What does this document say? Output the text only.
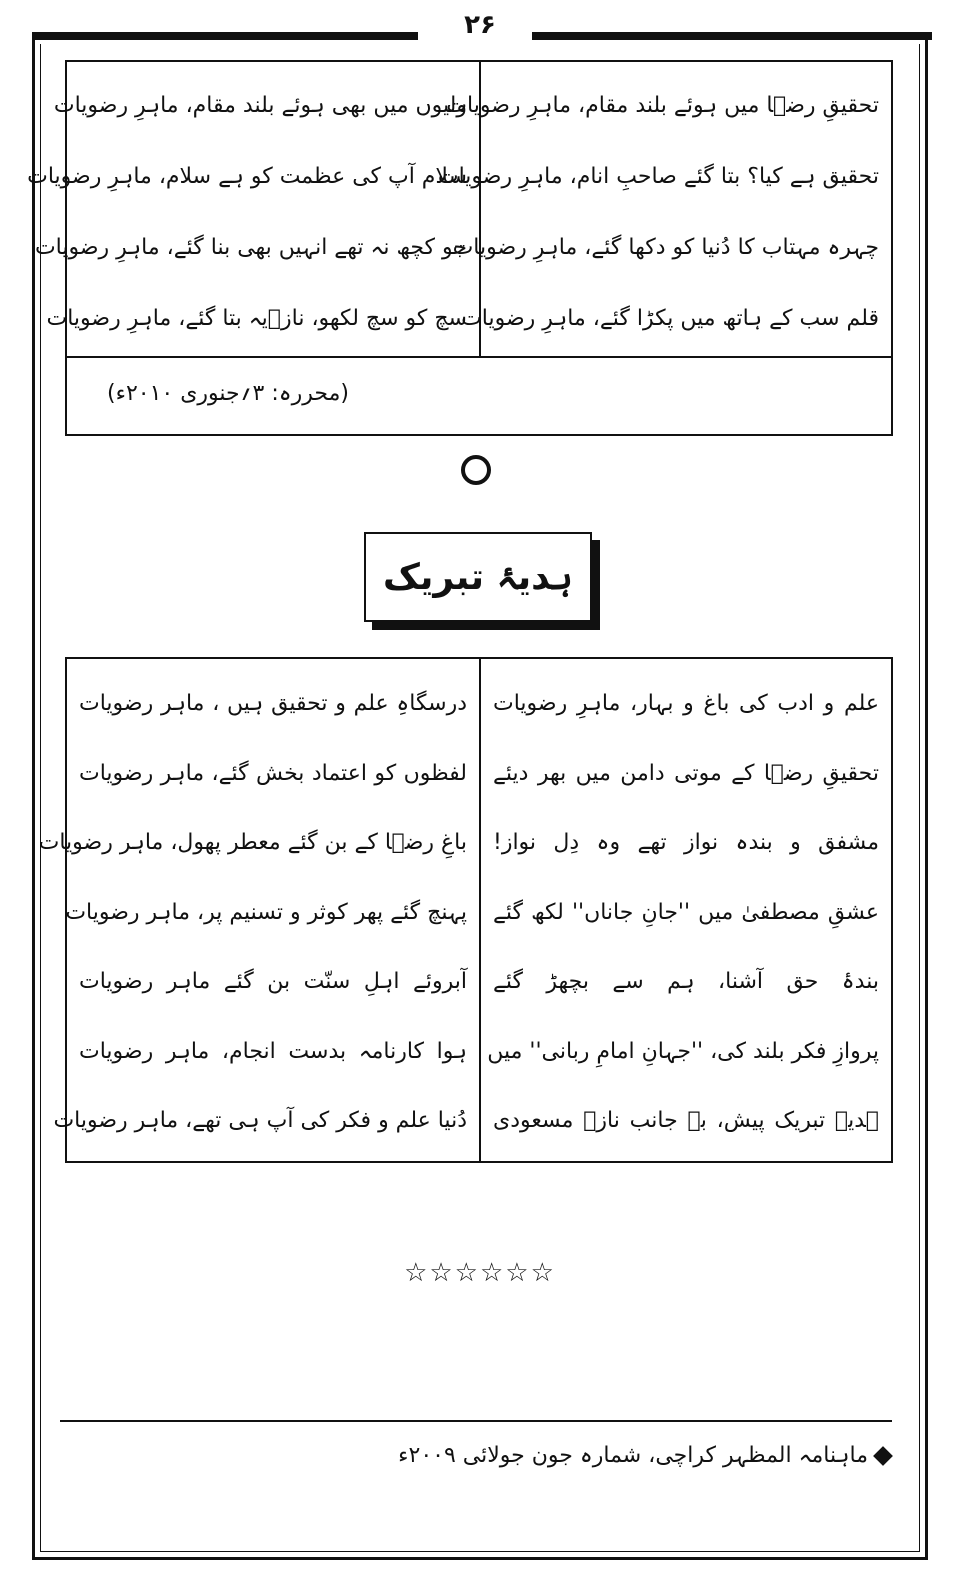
۲۶
تحقیقِ رضؔا میں ہوئے بلند مقام، ماہرِ رضویات
تحقیق ہے کیا؟ بتا گئے صاحبِ انام، ماہرِ رضویات
چہرہ مہتاب کا دُنیا کو دکھا گئے، ماہرِ رضویات
قلم سب کے ہاتھ میں پکڑا گئے، ماہرِ رضویات
ولیوں میں بھی ہوئے بلند مقام، ماہرِ رضویات
سلام آپ کی عظمت کو ہے سلام، ماہرِ رضویات
جو کچھ نہ تھے انہیں بھی بنا گئے، ماہرِ رضویات
سچ کو سچ لکھو، نازؔیہ بتا گئے، ماہرِ رضویات
(محررہ: ۳؍جنوری ۲۰۱۰ء)
ہدیۂ تبریک
علم و ادب کی باغ و بہار، ماہرِ رضویات
تحقیقِ رضؔا کے موتی دامن میں بھر دیئے
مشفق و بندہ نواز تھے وہ دِل نواز!
عشقِ مصطفیٰ میں ''جانِ جاناں'' لکھ گئے
بندۂ حق آشنا، ہم سے بچھڑ گئے
پروازِ فکر بلند کی، ''جہانِ امامِ ربانی'' میں
ہدیۂ تبریک پیش، بہ جانب نازؔ مسعودی
درسگاہِ علم و تحقیق ہیں ، ماہر رضویات
لفظوں کو اعتماد بخش گئے، ماہر رضویات
باغِ رضؔا کے بن گئے معطر پھول، ماہر رضویات
پہنچ گئے پھر کوثر و تسنیم پر، ماہر رضویات
آبروئے اہلِ سنّت بن گئے ماہر رضویات
ہوا کارنامہ بدست انجام، ماہر رضویات
دُنیا علم و فکر کی آپ ہی تھے، ماہر رضویات
☆☆☆☆☆☆
ماہنامہ المظہر کراچی، شمارہ جون جولائی ۲۰۰۹ء
